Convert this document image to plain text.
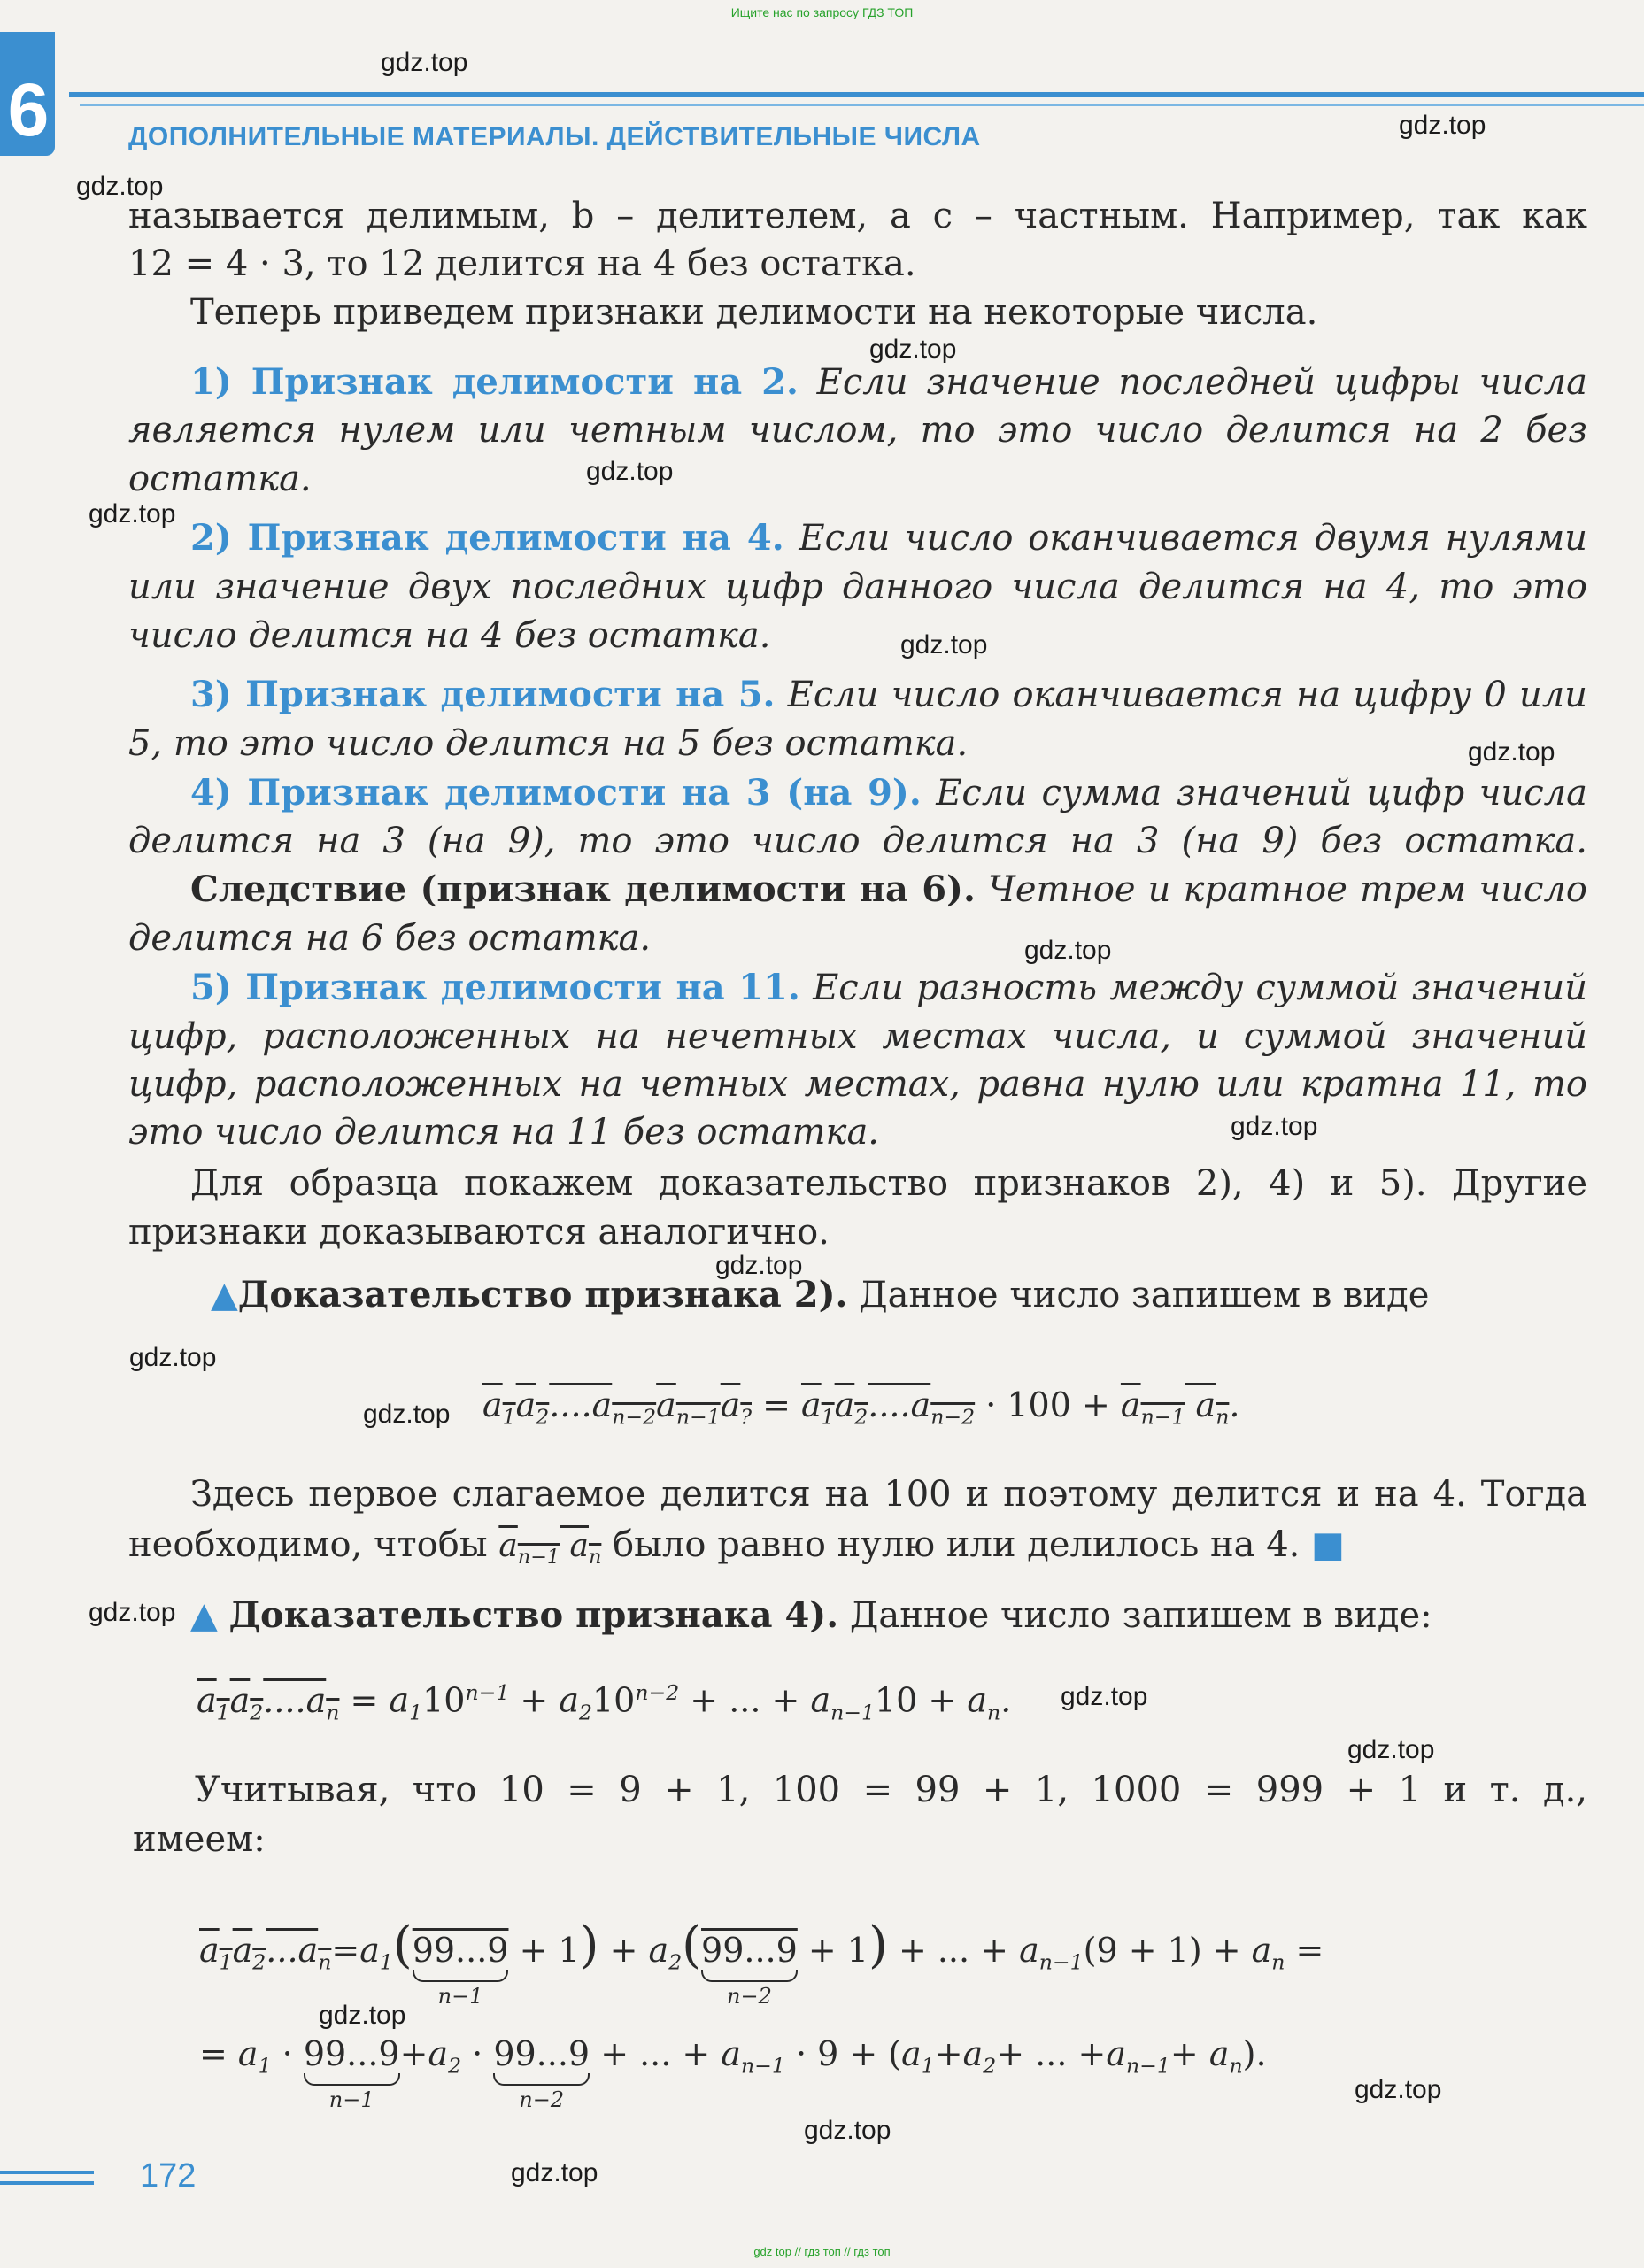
Ищите нас по запросу ГДЗ ТОП
6	ДОПОЛНИТЕЛЬНЫЕ МАТЕРИАЛЫ. ДЕЙСТВИТЕЛЬНЫЕ ЧИСЛА
называется делимым, b – делителем, а c – частным. Например, так как
12 = 4 · 3, то 12 делится на 4 без остатка.
Теперь приведем признаки делимости на некоторые числа.
1) Признак делимости на 2. Если значение последней цифры числа
является нулем или четным числом, то это число делится на 2 без
остатка.
2) Признак делимости на 4. Если число оканчивается двумя нулями
или значение двух последних цифр данного числа делится на 4, то это
число делится на 4 без остатка.
3) Признак делимости на 5. Если число оканчивается на цифру 0 или
5, то это число делится на 5 без остатка.
4) Признак делимости на 3 (на 9). Если сумма значений цифр числа
делится на 3 (на 9), то это число делится на 3 (на 9) без остатка.
Следствие (признак делимости на 6). Четное и кратное трем число
делится на 6 без остатка.
5) Признак делимости на 11. Если разность между суммой значений
цифр, расположенных на нечетных местах числа, и суммой значений
цифр, расположенных на четных местах, равна нулю или кратна 11, то
это число делится на 11 без остатка.
Для образца покажем доказательство признаков 2), 4) и 5). Другие
признаки доказываются аналогично.
▲Доказательство признака 2). Данное число запишем в виде
$a_1a_2....a_{n-2}a_{n-1}a_? = a_1a_2....a_{n-2} \cdot 100 + a_{n-1}$ $a_n$.
Здесь первое слагаемое делится на 100 и поэтому делится и на 4. Тогда
необходимо, чтобы $a_{n-1}$ $a_n$ было равно нулю или делилось на 4. ■
▲ Доказательство признака 4). Данное число запишем в виде:
$a_1a_2....a_n = a_110^{n-1} + a_210^{n-2}$ + ... + $a_{n-1}10 + a_n$.
Учитывая, что 10 = 9 + 1, 100 = 99 + 1, 1000 = 999 + 1 и т. д.,
имеем:
$a_1a_2...a_n=a_1(99...9$
n−1
+ $1) + a_2(99...9$
n−2
+ 1) + ... + $a_{n-1}(9 + 1) + a_n$ =
= $a_1 \cdot 99...9$
n−1
$+a_2 \cdot 99...9$
n−2
+ ... + $a_{n-1} \cdot 9 + (a_1+a_2+$ ... $+a_{n-1}+ a_n$).
172
gdz top // гдз топ // гдз топ
gdz.top
gdz.top
gdz.top
gdz.top
gdz.top
gdz.top
gdz.top
gdz.top
gdz.top
gdz.top
gdz.top
gdz.top
gdz.top
gdz.top
gdz.top
gdz.top
gdz.top
gdz.top
gdz.top
gdz.top
